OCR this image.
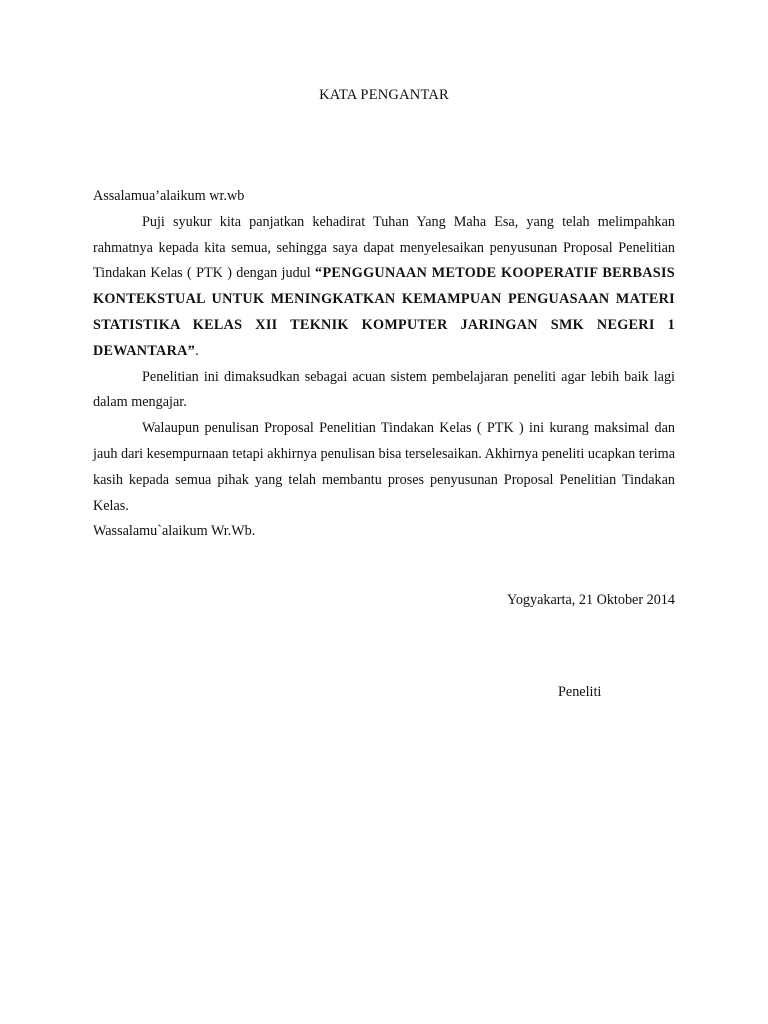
KATA PENGANTAR

Assalamua’alaikum wr.wb

Puji syukur kita panjatkan kehadirat Tuhan Yang Maha Esa, yang telah melimpahkan rahmatnya kepada kita semua, sehingga saya dapat menyelesaikan penyusunan Proposal Penelitian Tindakan Kelas ( PTK ) dengan judul “PENGGUNAAN METODE KOOPERATIF BERBASIS KONTEKSTUAL UNTUK MENINGKATKAN KEMAMPUAN PENGUASAAN MATERI STATISTIKA KELAS XII TEKNIK KOMPUTER JARINGAN SMK NEGERI 1 DEWANTARA”.

Penelitian ini dimaksudkan sebagai acuan sistem pembelajaran peneliti agar lebih baik lagi dalam mengajar.

Walaupun penulisan Proposal Penelitian Tindakan Kelas ( PTK ) ini kurang maksimal dan jauh dari kesempurnaan tetapi akhirnya penulisan bisa terselesaikan. Akhirnya peneliti ucapkan terima kasih kepada semua pihak yang telah membantu proses penyusunan Proposal Penelitian Tindakan Kelas.

Wassalamu`alaikum Wr.Wb.

Yogyakarta, 21 Oktober 2014

Peneliti
